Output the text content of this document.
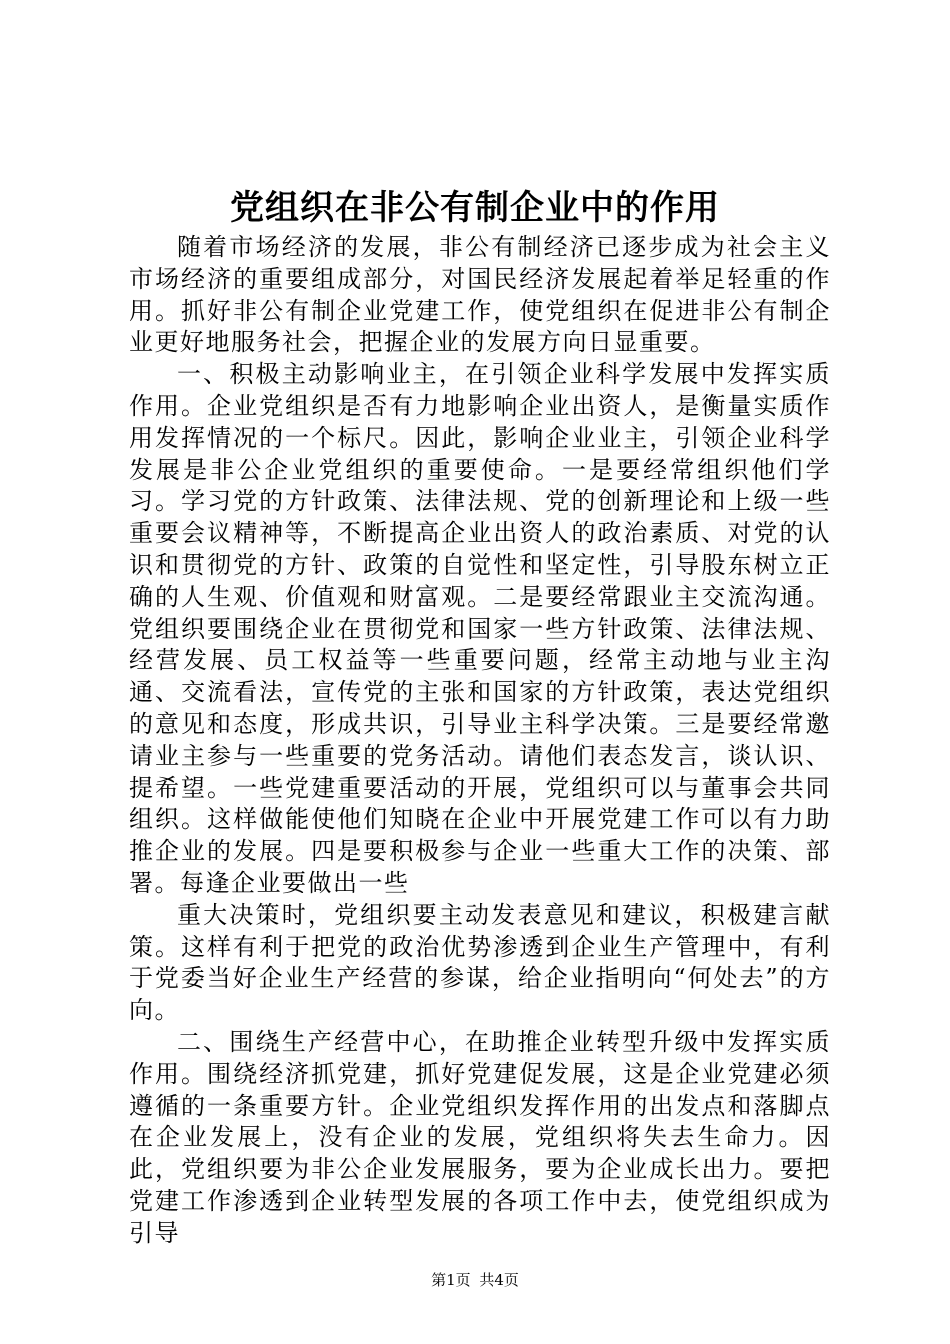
党组织在非公有制企业中的作用

随着市场经济的发展，非公有制经济已逐步成为社会主义市场经济的重要组成部分，对国民经济发展起着举足轻重的作用。抓好非公有制企业党建工作，使党组织在促进非公有制企业更好地服务社会，把握企业的发展方向日显重要。

一、积极主动影响业主，在引领企业科学发展中发挥实质作用。企业党组织是否有力地影响企业出资人，是衡量实质作用发挥情况的一个标尺。因此，影响企业业主，引领企业科学发展是非公企业党组织的重要使命。一是要经常组织他们学习。学习党的方针政策、法律法规、党的创新理论和上级一些重要会议精神等，不断提高企业出资人的政治素质、对党的认识和贯彻党的方针、政策的自觉性和坚定性，引导股东树立正确的人生观、价值观和财富观。二是要经常跟业主交流沟通。党组织要围绕企业在贯彻党和国家一些方针政策、法律法规、经营发展、员工权益等一些重要问题，经常主动地与业主沟通、交流看法，宣传党的主张和国家的方针政策，表达党组织的意见和态度，形成共识，引导业主科学决策。三是要经常邀请业主参与一些重要的党务活动。请他们表态发言，谈认识、提希望。一些党建重要活动的开展，党组织可以与董事会共同组织。这样做能使他们知晓在企业中开展党建工作可以有力助推企业的发展。四是要积极参与企业一些重大工作的决策、部署。每逢企业要做出一些

重大决策时，党组织要主动发表意见和建议，积极建言献策。这样有利于把党的政治优势渗透到企业生产管理中，有利于党委当好企业生产经营的参谋，给企业指明向“何处去”的方向。

二、围绕生产经营中心，在助推企业转型升级中发挥实质作用。围绕经济抓党建，抓好党建促发展，这是企业党建必须遵循的一条重要方针。企业党组织发挥作用的出发点和落脚点在企业发展上，没有企业的发展，党组织将失去生命力。因此，党组织要为非公企业发展服务，要为企业成长出力。要把党建工作渗透到企业转型发展的各项工作中去，使党组织成为引导

第1页 共4页
